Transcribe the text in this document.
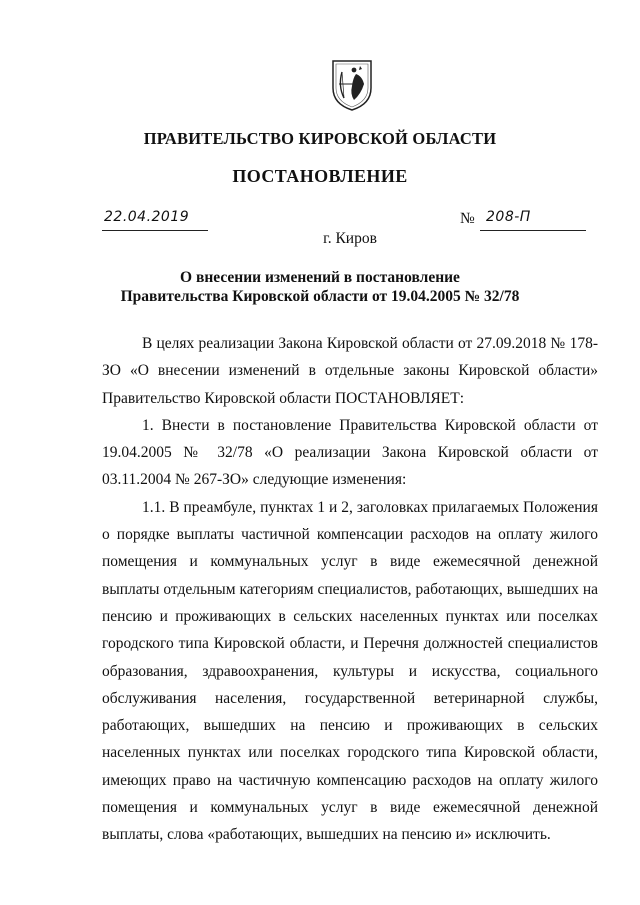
ПРАВИТЕЛЬСТВО КИРОВСКОЙ ОБЛАСТИ
ПОСТАНОВЛЕНИЕ
22.04.2019	№ 208-П
г. Киров
О внесении изменений в постановление
Правительства Кировской области от 19.04.2005 № 32/78

В целях реализации Закона Кировской области от 27.09.2018 № 178-ЗО «О внесении изменений в отдельные законы Кировской области» Правительство Кировской области ПОСТАНОВЛЯЕТ:

1. Внести в постановление Правительства Кировской области от 19.04.2005 № 32/78 «О реализации Закона Кировской области от 03.11.2004 № 267-ЗО» следующие изменения:

1.1. В преамбуле, пунктах 1 и 2, заголовках прилагаемых Положения о порядке выплаты частичной компенсации расходов на оплату жилого помещения и коммунальных услуг в виде ежемесячной денежной выплаты отдельным категориям специалистов, работающих, вышедших на пенсию и проживающих в сельских населенных пунктах или поселках городского типа Кировской области, и Перечня должностей специалистов образования, здравоохранения, культуры и искусства, социального обслуживания населения, государственной ветеринарной службы, работающих, вышедших на пенсию и проживающих в сельских населенных пунктах или поселках городского типа Кировской области, имеющих право на частичную компенсацию расходов на оплату жилого помещения и коммунальных услуг в виде ежемесячной денежной выплаты, слова «работающих, вышедших на пенсию и» исключить.
